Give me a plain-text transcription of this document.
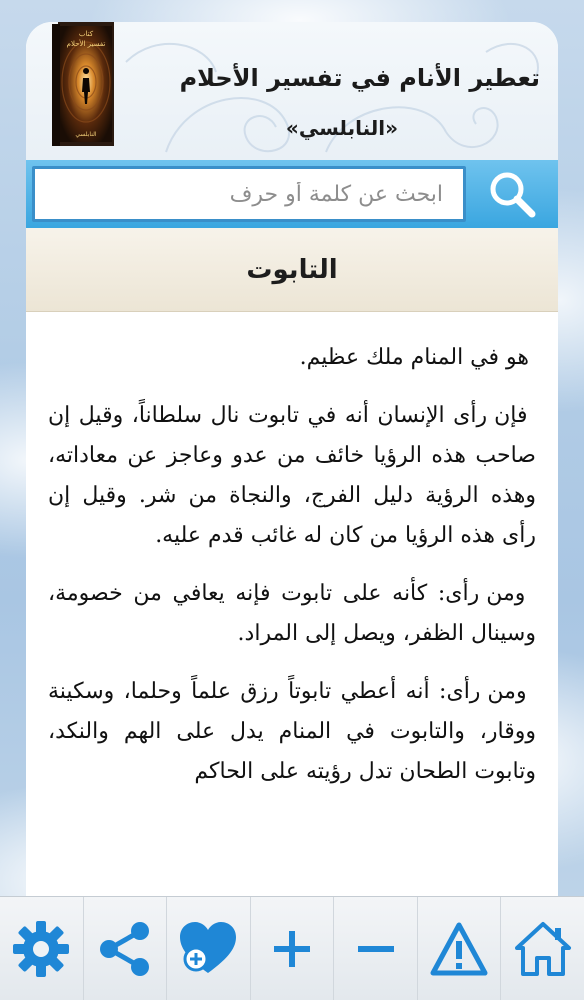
كتاب
تفسير الأحلام
النابلسي
تعطير الأنام في تفسير الأحلام
«النابلسي»
ابحث عن كلمة أو حرف
التابوت

هو في المنام ملك عظيم.

فإن رأى الإنسان أنه في تابوت نال سلطاناً، وقيل إن صاحب هذه الرؤيا خائف من عدو وعاجز عن معاداته، وهذه الرؤية دليل الفرج، والنجاة من شر. وقيل إن رأى هذه الرؤيا من كان له غائب قدم عليه.

ومن رأى: كأنه على تابوت فإنه يعافي من خصومة، وسينال الظفر، ويصل إلى المراد.

ومن رأى: أنه أعطي تابوتاً رزق علماً وحلما، وسكينة ووقار، والتابوت في المنام يدل على الهم والنكد، وتابوت الطحان تدل رؤيته على الحاكم
